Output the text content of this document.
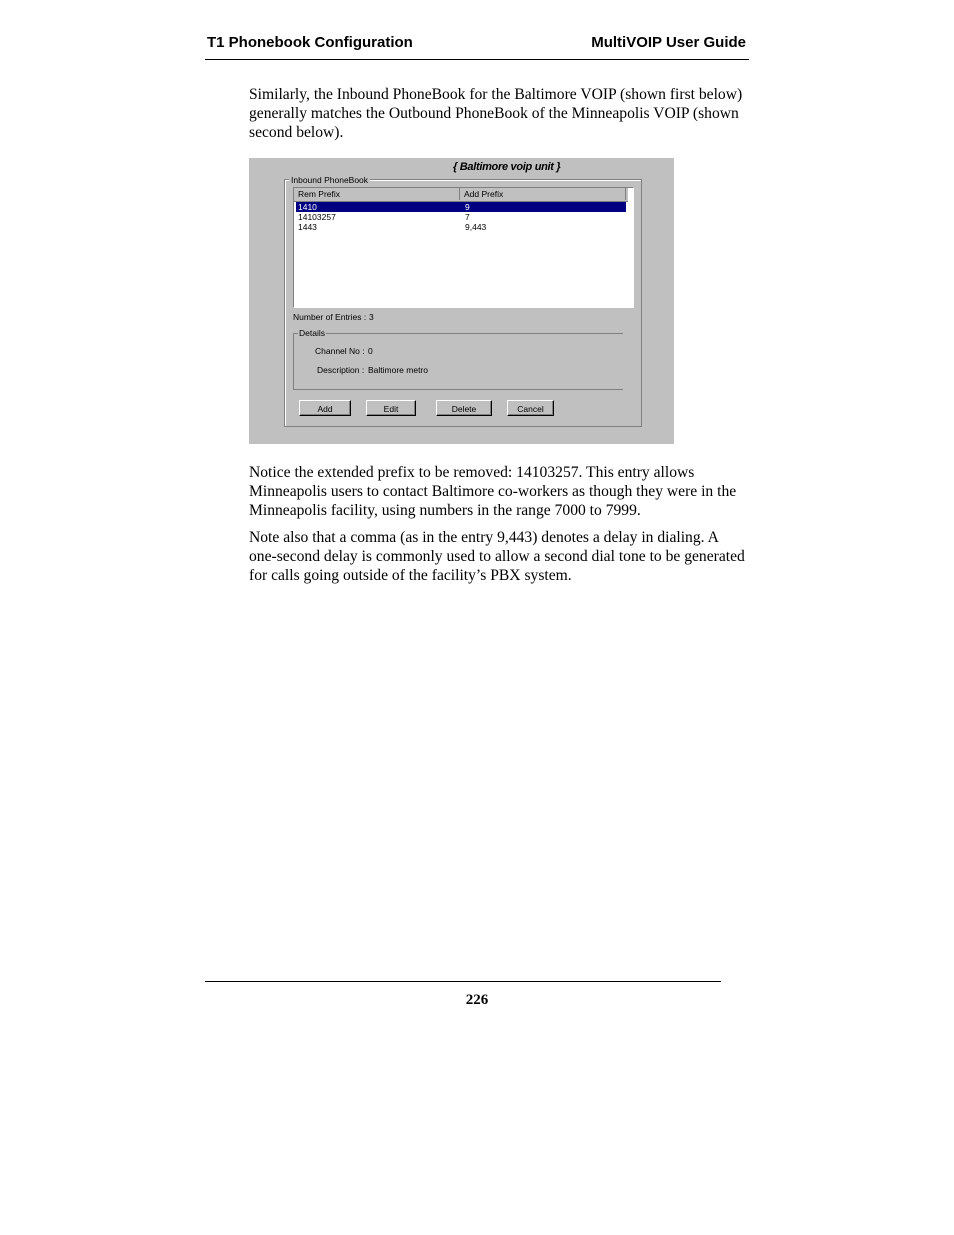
T1 Phonebook Configuration	MultiVOIP User Guide

Similarly, the Inbound PhoneBook for the Baltimore VOIP (shown first below) generally matches the Outbound PhoneBook of the Minneapolis VOIP (shown second below).

{ Baltimore voip unit }
Inbound PhoneBook
Rem Prefix	Add Prefix
1410	9
14103257	7
1443	9,443
Number of Entries : 3
Details
Channel No : 0
Description : Baltimore metro
Add	Edit	Delete	Cancel

Notice the extended prefix to be removed: 14103257. This entry allows Minneapolis users to contact Baltimore co-workers as though they were in the Minneapolis facility, using numbers in the range 7000 to 7999.

Note also that a comma (as in the entry 9,443) denotes a delay in dialing. A one-second delay is commonly used to allow a second dial tone to be generated for calls going outside of the facility’s PBX system.

226
